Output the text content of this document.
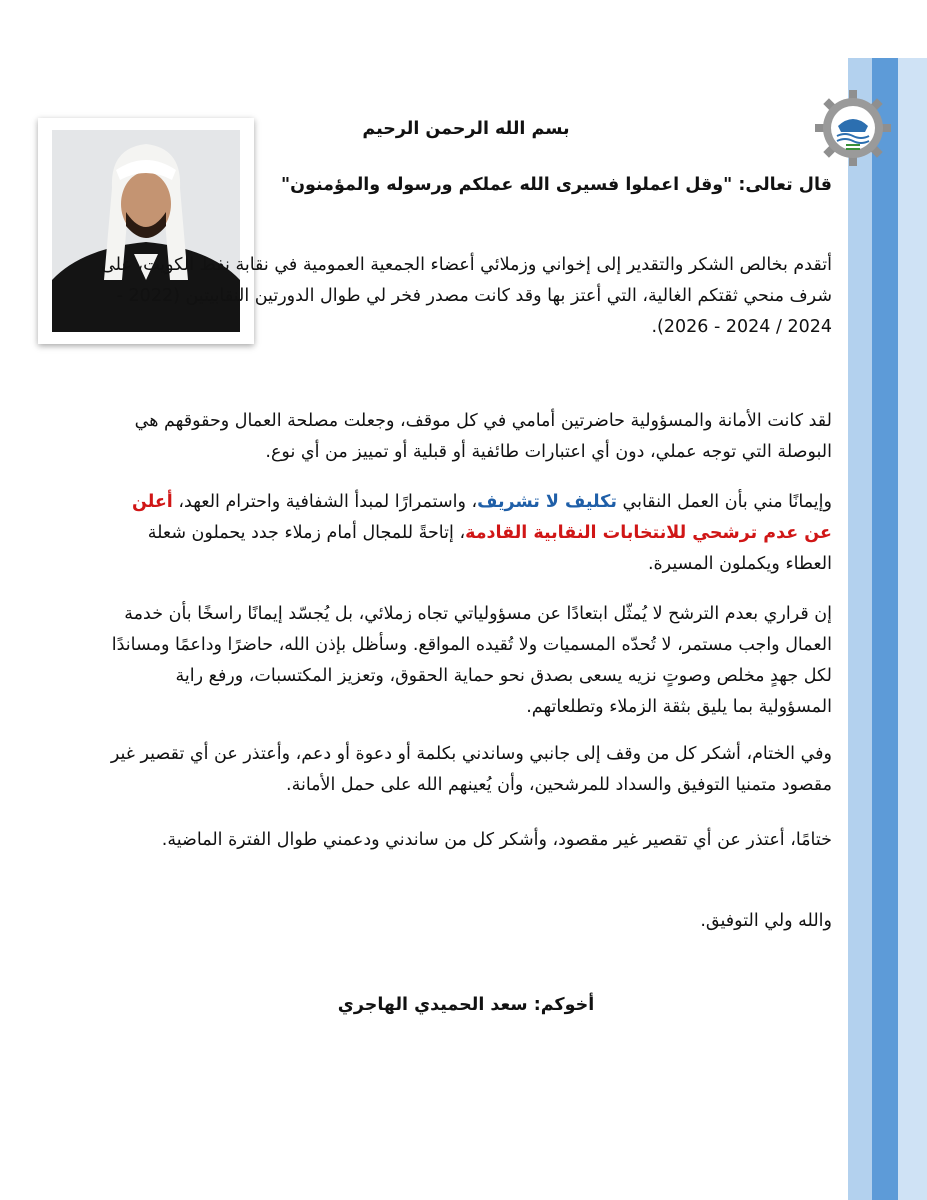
بسم الله الرحمن الرحيم

قال تعالى: "وقل اعملوا فسيرى الله عملكم ورسوله والمؤمنون"

أتقدم بخالص الشكر والتقدير إلى إخواني وزملائي أعضاء الجمعية العمومية في نقابة نفط الكويت، على شرف منحي ثقتكم الغالية، التي أعتز بها وقد كانت مصدر فخر لي طوال الدورتين النقابيتين (2022 - 2024 / 2024 - 2026).

لقد كانت الأمانة والمسؤولية حاضرتين أمامي في كل موقف، وجعلت مصلحة العمال وحقوقهم هي البوصلة التي توجه عملي، دون أي اعتبارات طائفية أو قبلية أو تمييز من أي نوع.

وإيمانًا مني بأن العمل النقابي تكليف لا تشريف، واستمرارًا لمبدأ الشفافية واحترام العهد، أعلن عن عدم ترشحي للانتخابات النقابية القادمة، إتاحةً للمجال أمام زملاء جدد يحملون شعلة العطاء ويكملون المسيرة.

إن قراري بعدم الترشح لا يُمثّل ابتعادًا عن مسؤولياتي تجاه زملائي، بل يُجسّد إيمانًا راسخًا بأن خدمة العمال واجب مستمر، لا تُحدّه المسميات ولا تُقيده المواقع. وسأظل بإذن الله، حاضرًا وداعمًا ومساندًا لكل جهدٍ مخلص وصوتٍ نزيه يسعى بصدق نحو حماية الحقوق، وتعزيز المكتسبات، ورفع راية المسؤولية بما يليق بثقة الزملاء وتطلعاتهم.

وفي الختام، أشكر كل من وقف إلى جانبي وساندني بكلمة أو دعوة أو دعم، وأعتذر عن أي تقصير غير مقصود متمنيا التوفيق والسداد للمرشحين، وأن يُعينهم الله على حمل الأمانة.

ختامًا، أعتذر عن أي تقصير غير مقصود، وأشكر كل من ساندني ودعمني طوال الفترة الماضية.

والله ولي التوفيق.

أخوكم: سعد الحميدي الهاجري
